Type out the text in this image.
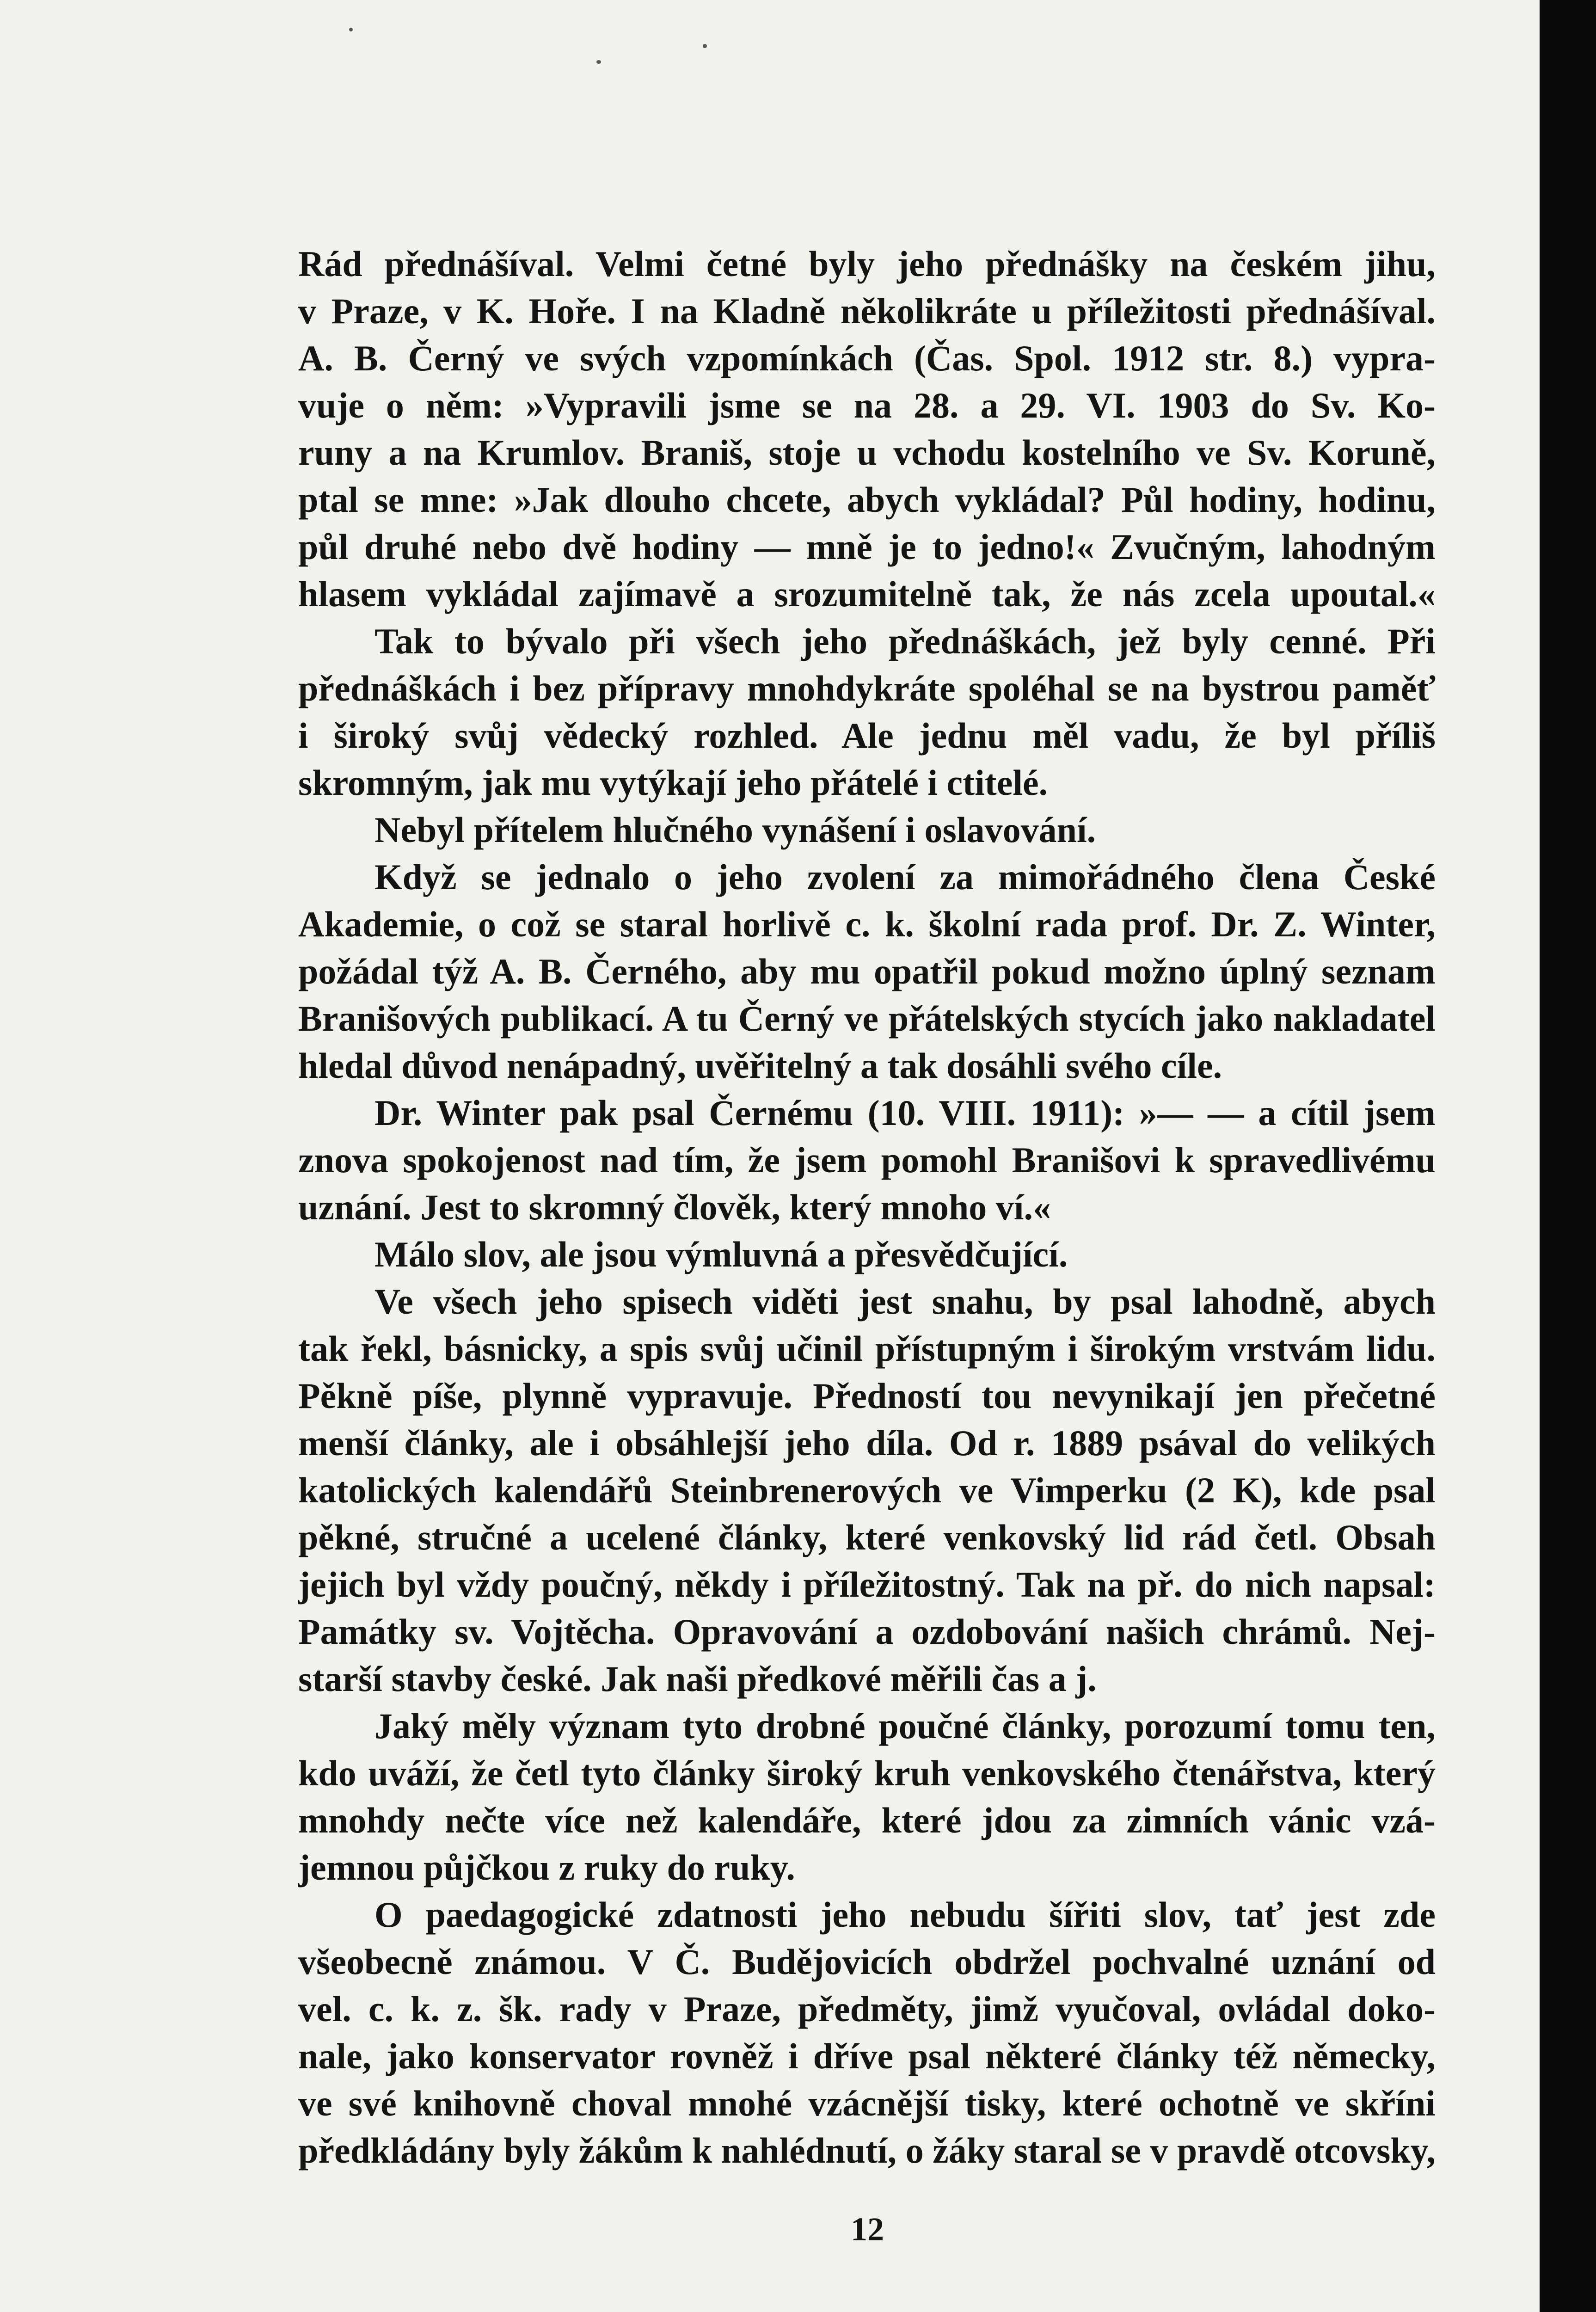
Rád přednášíval. Velmi četné byly jeho přednášky na českém jihu,
v Praze, v K. Hoře. I na Kladně několikráte u příležitosti přednášíval.
A. B. Černý ve svých vzpomínkách (Čas. Spol. 1912 str. 8.) vypra-
vuje o něm: »Vypravili jsme se na 28. a 29. VI. 1903 do Sv. Ko-
runy a na Krumlov. Braniš, stoje u vchodu kostelního ve Sv. Koruně,
ptal se mne: »Jak dlouho chcete, abych vykládal? Půl hodiny, hodinu,
půl druhé nebo dvě hodiny — mně je to jedno!« Zvučným, lahodným
hlasem vykládal zajímavě a srozumitelně tak, že nás zcela upoutal.«
Tak to bývalo při všech jeho přednáškách, jež byly cenné. Při
přednáškách i bez přípravy mnohdykráte spoléhal se na bystrou paměť
i široký svůj vědecký rozhled. Ale jednu měl vadu, že byl příliš
skromným, jak mu vytýkají jeho přátelé i ctitelé.
Nebyl přítelem hlučného vynášení i oslavování.
Když se jednalo o jeho zvolení za mimořádného člena České
Akademie, o což se staral horlivě c. k. školní rada prof. Dr. Z. Winter,
požádal týž A. B. Černého, aby mu opatřil pokud možno úplný seznam
Branišových publikací. A tu Černý ve přátelských stycích jako nakladatel
hledal důvod nenápadný, uvěřitelný a tak dosáhli svého cíle.
Dr. Winter pak psal Černému (10. VIII. 1911): »— — a cítil jsem
znova spokojenost nad tím, že jsem pomohl Branišovi k spravedlivému
uznání. Jest to skromný člověk, který mnoho ví.«
Málo slov, ale jsou výmluvná a přesvědčující.
Ve všech jeho spisech viděti jest snahu, by psal lahodně, abych
tak řekl, básnicky, a spis svůj učinil přístupným i širokým vrstvám lidu.
Pěkně píše, plynně vypravuje. Předností tou nevynikají jen přečetné
menší články, ale i obsáhlejší jeho díla. Od r. 1889 psával do velikých
katolických kalendářů Steinbrenerových ve Vimperku (2 K), kde psal
pěkné, stručné a ucelené články, které venkovský lid rád četl. Obsah
jejich byl vždy poučný, někdy i příležitostný. Tak na př. do nich napsal:
Památky sv. Vojtěcha. Opravování a ozdobování našich chrámů. Nej-
starší stavby české. Jak naši předkové měřili čas a j.
Jaký měly význam tyto drobné poučné články, porozumí tomu ten,
kdo uváží, že četl tyto články široký kruh venkovského čtenářstva, který
mnohdy nečte více než kalendáře, které jdou za zimních vánic vzá-
jemnou půjčkou z ruky do ruky.
O paedagogické zdatnosti jeho nebudu šířiti slov, tať jest zde
všeobecně známou. V Č. Budějovicích obdržel pochvalné uznání od
vel. c. k. z. šk. rady v Praze, předměty, jimž vyučoval, ovládal doko-
nale, jako konservator rovněž i dříve psal některé články též německy,
ve své knihovně choval mnohé vzácnější tisky, které ochotně ve skříni
předkládány byly žákům k nahlédnutí, o žáky staral se v pravdě otcovsky,
12
